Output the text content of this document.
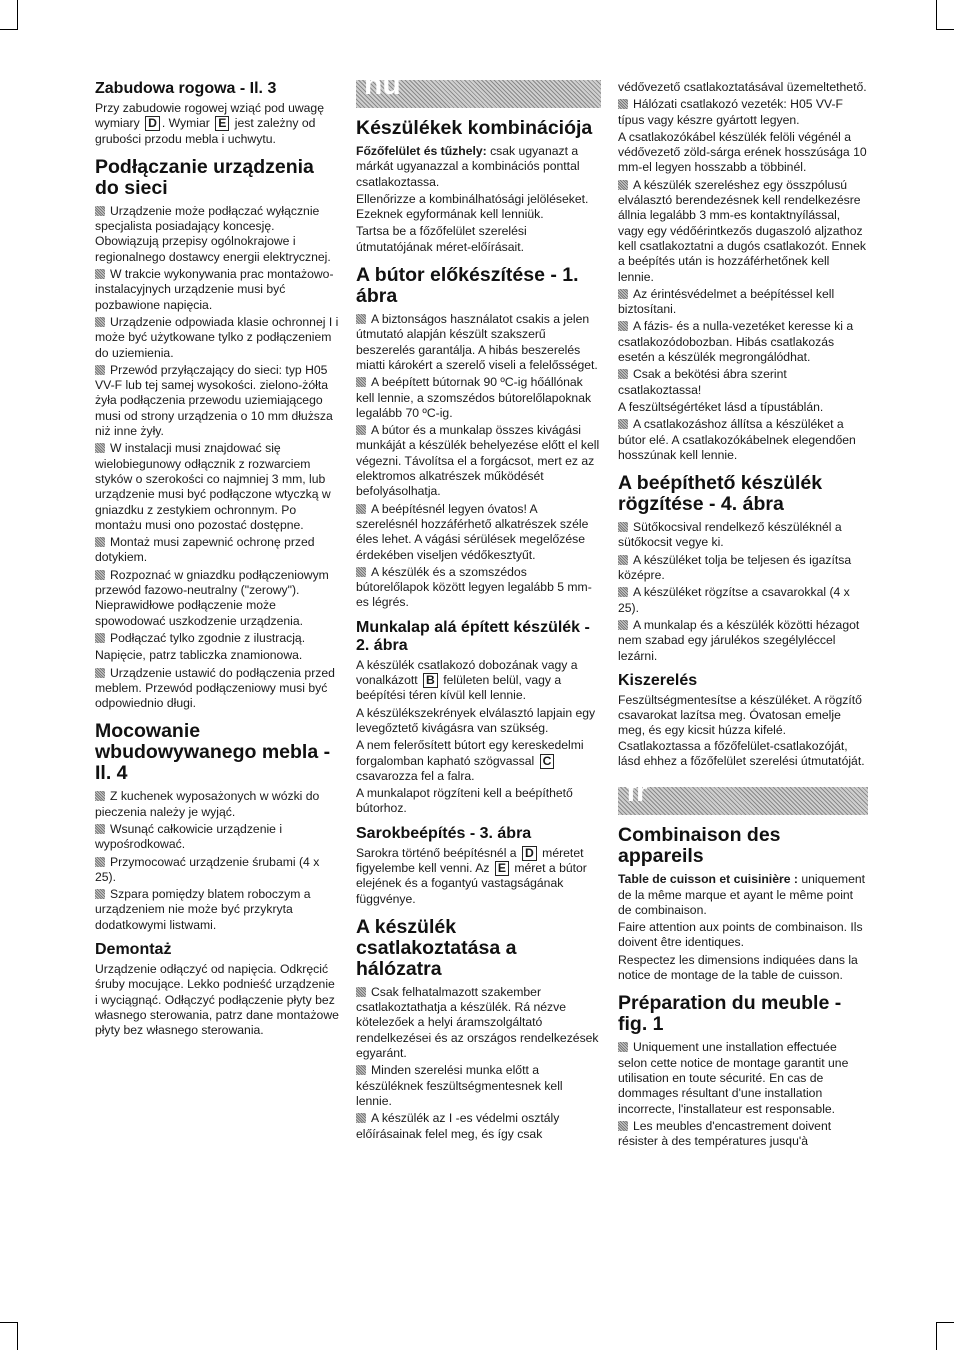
Zabudowa rogowa - Il. 3

Przy zabudowie rogowej wziąć pod uwagę wymiary D . Wymiar E jest zależny od grubości przodu mebla i uchwytu.

Podłączanie urządzenia do sieci

Urządzenie może podłączać wyłącznie specjalista posiadający koncesję. Obowiązują przepisy ogólnokrajowe i regionalnego dostawcy energii elektrycznej.

W trakcie wykonywania prac montażowo-instalacyjnych urządzenie musi być pozbawione napięcia.

Urządzenie odpowiada klasie ochronnej I i może być użytkowane tylko z podłączeniem do uziemienia.

Przewód przyłączający do sieci: typ H05 VV-F lub tej samej wysokości. zielono-żółta żyła podłączenia przewodu uziemiającego musi od strony urządzenia o 10 mm dłuższa niż inne żyły.

W instalacji musi znajdować się wielobiegunowy odłącznik z rozwarciem styków o szerokości co najmniej 3 mm, lub urządzenie musi być podłączone wtyczką w gniazdku z zestykiem ochronnym. Po montażu musi ono pozostać dostępne.

Montaż musi zapewnić ochronę przed dotykiem.

Rozpoznać w gniazdku podłączeniowym przewód fazowo-neutralny ("zerowy"). Nieprawidłowe podłączenie może spowodować uszkodzenie urządzenia.

Podłączać tylko zgodnie z ilustracją.

Napięcie, patrz tabliczka znamionowa.

Urządzenie ustawić do podłączenia przed meblem. Przewód podłączeniowy musi być odpowiednio długi.

Mocowanie wbudowywanego mebla - Il. 4

Z kuchenek wyposażonych w wózki do pieczenia należy je wyjąć.

Wsunąć całkowicie urządzenie i wypośrodkować.

Przymocować urządzenie śrubami (4 x 25).

Szpara pomiędzy blatem roboczym a urządzeniem nie może być przykryta dodatkowymi listwami.

Demontaż

Urządzenie odłączyć od napięcia. Odkręcić śruby mocujące. Lekko podnieść urządzenie i wyciągnąć. Odłączyć podłączenie płyty bez własnego sterowania, patrz dane montażowe płyty bez własnego sterowania.

hu
Készülékek kombinációja

Főzőfelület és tűzhely: csak ugyanazt a márkát ugyanazzal a kombinációs ponttal csatlakoztassa.

Ellenőrizze a kombinálhatósági jelöléseket. Ezeknek egyformának kell lenniük.

Tartsa be a főzőfelület szerelési útmutatójának méret-előírásait.

A bútor előkészítése - 1. ábra

A biztonságos használatot csakis a jelen útmutató alapján készült szakszerű beszerelés garantálja. A hibás beszerelés miatti károkért a szerelő viseli a felelősséget.

A beépített bútornak 90 ºC-ig hőállónak kell lennie, a szomszédos bútorelőlapoknak legalább 70 ºC-ig.

A bútor és a munkalap összes kivágási munkáját a készülék behelyezése előtt el kell végezni. Távolítsa el a forgácsot, mert ez az elektromos alkatrészek működését befolyásolhatja.

A beépítésnél legyen óvatos! A szerelésnél hozzáférhető alkatrészek széle éles lehet. A vágási sérülések megelőzése érdekében viseljen védőkesztyűt.

A készülék és a szomszédos bútorelőlapok között legyen legalább 5 mm-es légrés.

Munkalap alá épített készülék - 2. ábra

A készülék csatlakozó dobozának vagy a vonalkázott B felületen belül, vagy a beépítési téren kívül kell lennie.

A készülékszekrények elválasztó lapjain egy levegőztető kivágásra van szükség.

A nem felerősített bútort egy kereskedelmi forgalomban kapható szögvassal C csavarozza fel a falra.

A munkalapot rögzíteni kell a beépíthető bútorhoz.

Sarokbeépítés - 3. ábra

Sarokra történő beépítésnél a D méretet figyelembe kell venni. Az E méret a bútor elejének és a fogantyú vastagságának függvénye.

A készülék csatlakoztatása a hálózatra

Csak felhatalmazott szakember csatlakoztathatja a készülék. Rá nézve kötelezőek a helyi áramszolgáltató rendelkezései és az országos rendelkezések egyaránt.

Minden szerelési munka előtt a készüléknek feszültségmentesnek kell lennie.

A készülék az I -es védelmi osztály előírásainak felel meg, és így csak

védővezető csatlakoztatásával üzemeltethető.

Hálózati csatlakozó vezeték: H05 VV-F típus vagy készre gyártott legyen.

A csatlakozókábel készülék felöli végénél a védővezető zöld-sárga erének hosszúsága 10 mm-el legyen hosszabb a többinél.

A készülék szereléshez egy összpólusú elválasztó berendezésnek kell rendelkezésre állnia legalább 3 mm-es kontaktnyílással, vagy egy védőérintkezős dugaszoló aljzathoz kell csatlakoztatni a dugós csatlakozót. Ennek a beépítés után is hozzáférhetőnek kell lennie.

Az érintésvédelmet a beépítéssel kell biztosítani.

A fázis- és a nulla-vezetéket keresse ki a csatlakozódobozban. Hibás csatlakozás esetén a készülék megrongálódhat.

Csak a bekötési ábra szerint csatlakoztassa!

A feszültségértéket lásd a típustáblán.

A csatlakozáshoz állítsa a készüléket a bútor elé. A csatlakozókábelnek elegendően hosszúnak kell lennie.

A beépíthető készülék rögzítése - 4. ábra

Sütőkocsival rendelkező készüléknél a sütőkocsit vegye ki.

A készüléket tolja be teljesen és igazítsa középre.

A készüléket rögzítse a csavarokkal (4 x 25).

A munkalap és a készülék közötti hézagot nem szabad egy járulékos szegélyléccel lezárni.

Kiszerelés

Feszültségmentesítse a készüléket. A rögzítő csavarokat lazítsa meg. Óvatosan emelje meg, és egy kicsit húzza kifelé. Csatlakoztassa a főzőfelület-csatlakozóját, lásd ehhez a főzőfelület szerelési útmutatóját.

fr
Combinaison des appareils

Table de cuisson et cuisinière : uniquement de la même marque et ayant le même point de combinaison.

Faire attention aux points de combinaison. Ils doivent être identiques.

Respectez les dimensions indiquées dans la notice de montage de la table de cuisson.

Préparation du meuble - fig. 1

Uniquement une installation effectuée selon cette notice de montage garantit une utilisation en toute sécurité. En cas de dommages résultant d'une installation incorrecte, l'installateur est responsable.

Les meubles d'encastrement doivent résister à des températures jusqu'à
